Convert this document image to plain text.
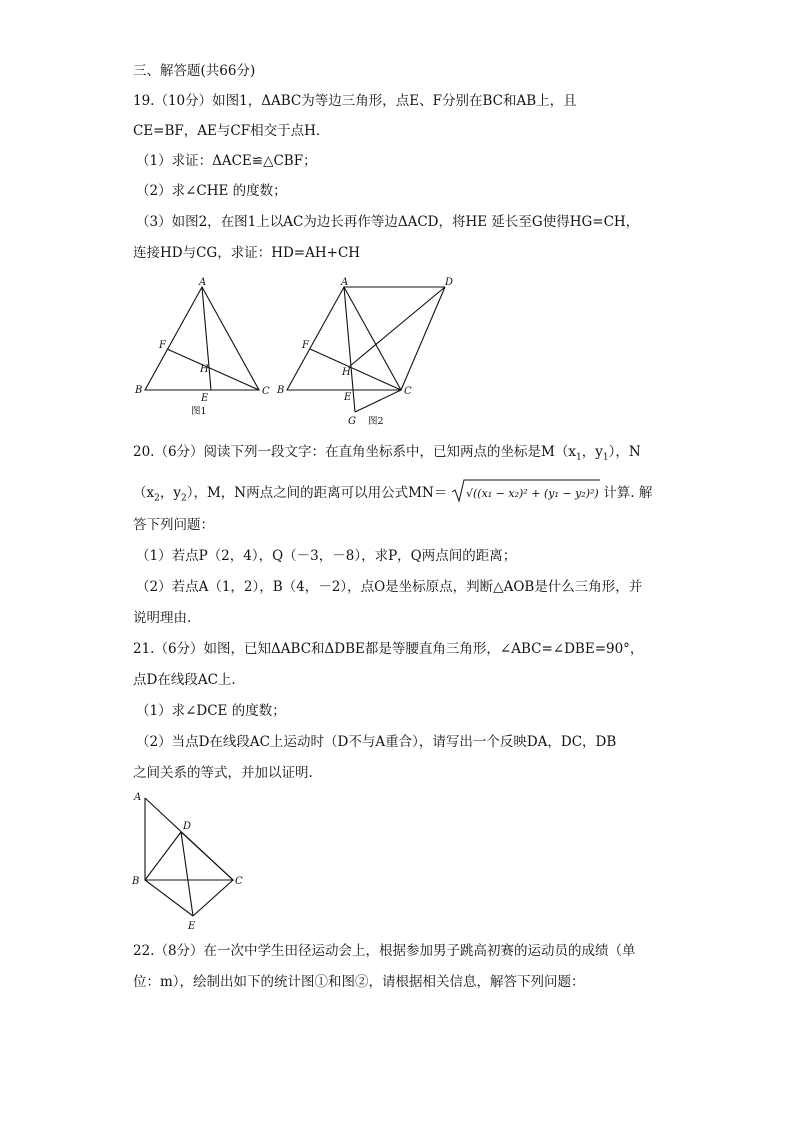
三、解答题(共66分)
19.（10分）如图1，ΔABC为等边三角形，点E、F分别在BC和AB上，且
CE=BF，AE与CF相交于点H.
（1）求证：ΔACE≌△CBF；
（2）求∠CHE 的度数；
（3）如图2，在图1上以AC为边长再作等边ΔACD，将HE 延长至G使得HG=CH，
连接HD与CG，求证：HD=AH+CH
A
B	C
E
F
H
图1
A	D
B	C
E
F
G
H
图2
20.（6分）阅读下列一段文字：在直角坐标系中，已知两点的坐标是$M(x_1$，$y_1$），N
（$x_2$，$y_2$），M，N两点之间的距离可以用公式MN＝ √((x₁ − x₂)² + (y₁ − y₂)²) 计算. 解
答下列问题：
（1）若点P（2，4），Q（－3，－8），求P，Q两点间的距离；
（2）若点A（1，2），B（4，－2），点O是坐标原点，判断△AOB是什么三角形，并
说明理由.
21.（6分）如图，已知ΔABC和ΔDBE都是等腰直角三角形，∠ABC=∠DBE=90°，
点D在线段AC上.
（1）求∠DCE 的度数；
（2）当点D在线段AC上运动时（D不与A重合），请写出一个反映DA，DC，DB
之间关系的等式，并加以证明.
A
D
B	C
E
22.（8分）在一次中学生田径运动会上，根据参加男子跳高初赛的运动员的成绩（单
位：m），绘制出如下的统计图①和图②，请根据相关信息，解答下列问题：
